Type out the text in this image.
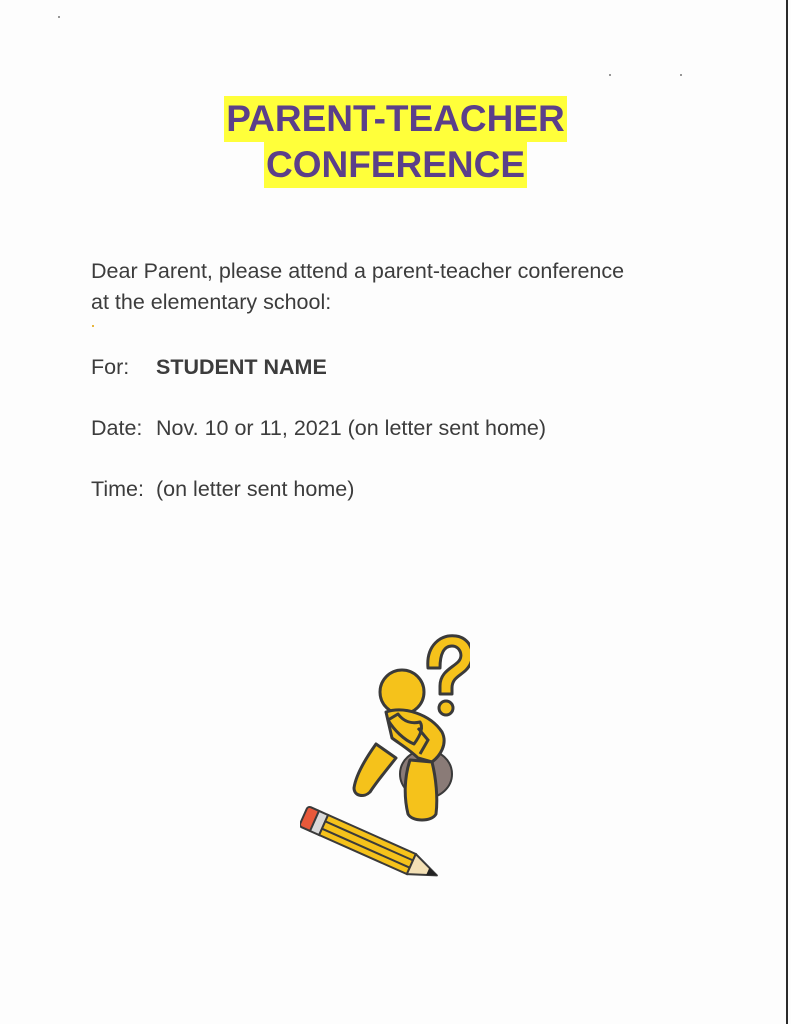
PARENT-TEACHER
CONFERENCE
Dear Parent, please attend a parent-teacher conference
at the elementary school:
For:	STUDENT NAME
Date: Nov. 10 or 11, 2021 (on letter sent home)
Time: (on letter sent home)
